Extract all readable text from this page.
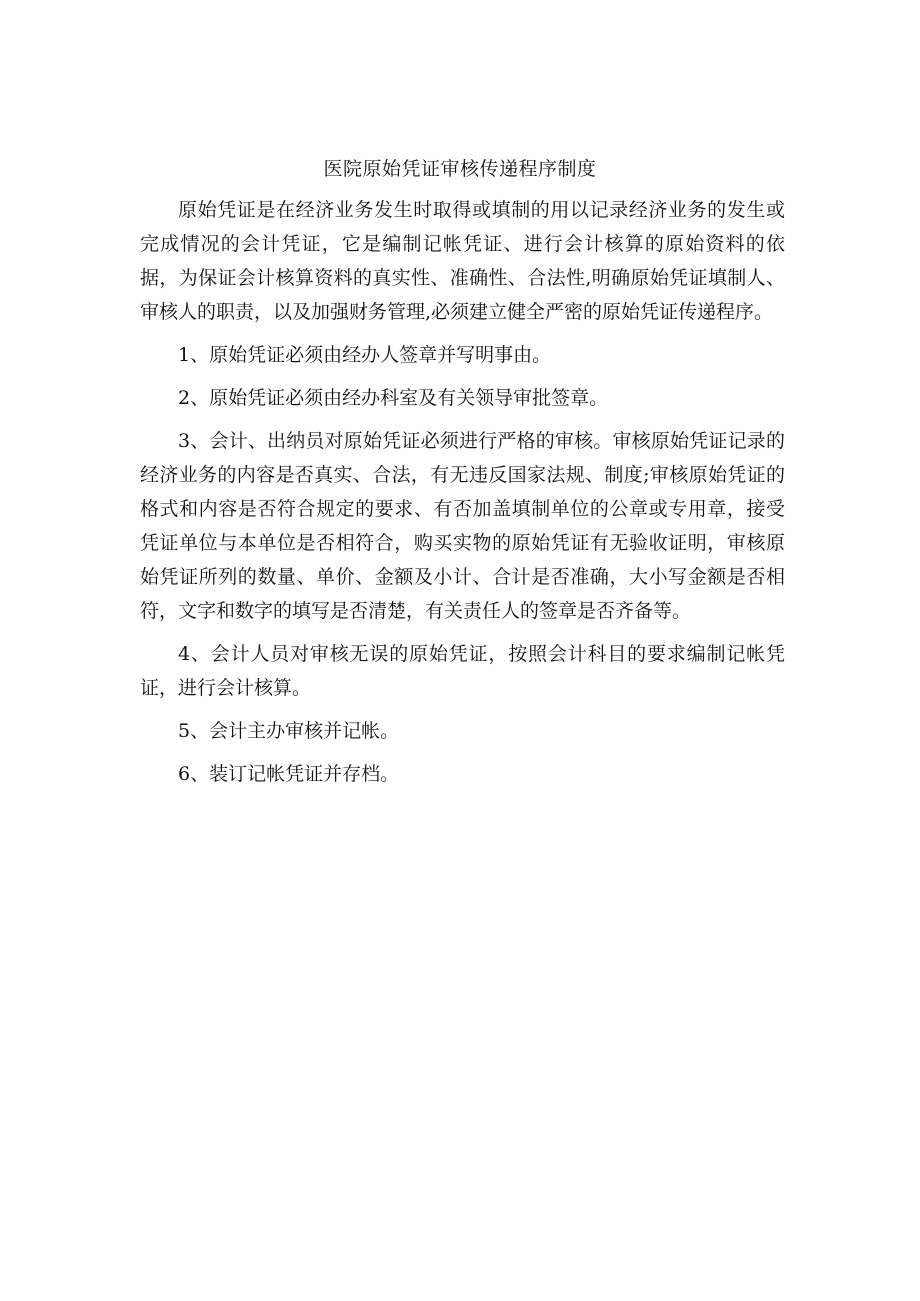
医院原始凭证审核传递程序制度

原始凭证是在经济业务发生时取得或填制的用以记录经济业务的发生或完成情况的会计凭证，它是编制记帐凭证、进行会计核算的原始资料的依据，为保证会计核算资料的真实性、准确性、合法性,明确原始凭证填制人、审核人的职责，以及加强财务管理,必须建立健全严密的原始凭证传递程序。

1、原始凭证必须由经办人签章并写明事由。

2、原始凭证必须由经办科室及有关领导审批签章。

3、会计、出纳员对原始凭证必须进行严格的审核。审核原始凭证记录的经济业务的内容是否真实、合法，有无违反国家法规、制度;审核原始凭证的格式和内容是否符合规定的要求、有否加盖填制单位的公章或专用章，接受凭证单位与本单位是否相符合，购买实物的原始凭证有无验收证明，审核原始凭证所列的数量、单价、金额及小计、合计是否准确，大小写金额是否相符，文字和数字的填写是否清楚，有关责任人的签章是否齐备等。

4、会计人员对审核无误的原始凭证，按照会计科目的要求编制记帐凭证，进行会计核算。

5、会计主办审核并记帐。

6、装订记帐凭证并存档。
